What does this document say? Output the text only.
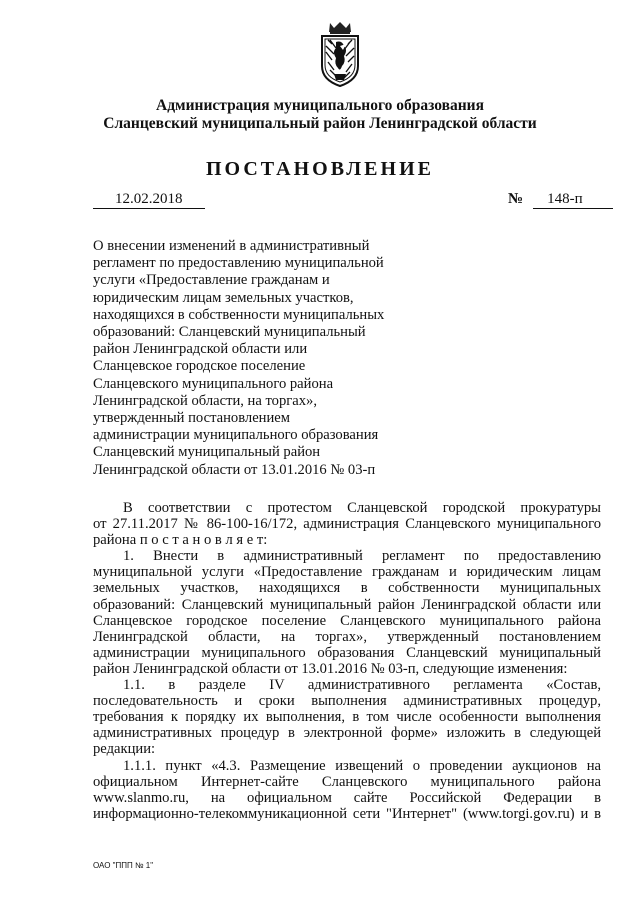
Администрация муниципального образования
Сланцевский муниципальный район Ленинградской области
ПОСТАНОВЛЕНИЕ
12.02.2018	№ 148-п
О внесении изменений в административный
регламент по предоставлению муниципальной
услуги «Предоставление гражданам и
юридическим лицам земельных участков,
находящихся в собственности муниципальных
образований: Сланцевский муниципальный
район Ленинградской области или
Сланцевское городское поселение
Сланцевского муниципального района
Ленинградской области, на торгах»,
утвержденный постановлением
администрации муниципального образования
Сланцевский муниципальный район
Ленинградской области от 13.01.2016 № 03-п
В соответствии с протестом Сланцевской городской прокуратуры
от 27.11.2017 № 86-100-16/172, администрация Сланцевского муниципального
района п о с т а н о в л я е т:
1. Внести в административный регламент по предоставлению
муниципальной услуги «Предоставление гражданам и юридическим лицам
земельных участков, находящихся в собственности муниципальных
образований: Сланцевский муниципальный район Ленинградской области или
Сланцевское городское поселение Сланцевского муниципального района
Ленинградской области, на торгах», утвержденный постановлением
администрации муниципального образования Сланцевский муниципальный
район Ленинградской области от 13.01.2016 № 03-п, следующие изменения:
1.1. в разделе IV административного регламента «Состав,
последовательность и сроки выполнения административных процедур,
требования к порядку их выполнения, в том числе особенности выполнения
административных процедур в электронной форме» изложить в следующей
редакции:
1.1.1. пункт «4.3. Размещение извещений о проведении аукционов на
официальном Интернет-сайте Сланцевского муниципального района
www.slanmo.ru, на официальном сайте Российской Федерации в
информационно-телекоммуникационной сети "Интернет" (www.torgi.gov.ru) и в
ОАО "ППП № 1"
